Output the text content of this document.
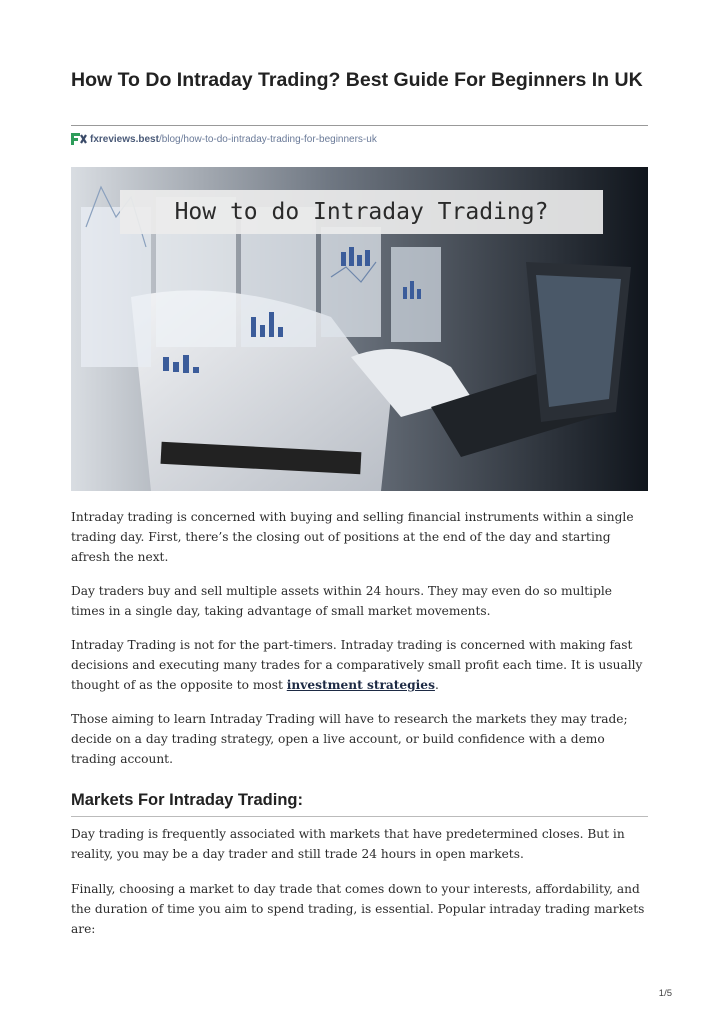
How To Do Intraday Trading? Best Guide For Beginners In UK
fxreviews.best /blog/how-to-do-intraday-trading-for-beginners-uk
How to do Intraday Trading?

Intraday trading is concerned with buying and selling financial instruments within a single trading day. First, there’s the closing out of positions at the end of the day and starting afresh the next.

Day traders buy and sell multiple assets within 24 hours. They may even do so multiple times in a single day, taking advantage of small market movements.

Intraday Trading is not for the part-timers. Intraday trading is concerned with making fast decisions and executing many trades for a comparatively small profit each time. It is usually thought of as the opposite to most investment strategies.

Those aiming to learn Intraday Trading will have to research the markets they may trade; decide on a day trading strategy, open a live account, or build confidence with a demo trading account.

Markets For Intraday Trading:

Day trading is frequently associated with markets that have predetermined closes. But in reality, you may be a day trader and still trade 24 hours in open markets.

Finally, choosing a market to day trade that comes down to your interests, affordability, and the duration of time you aim to spend trading, is essential. Popular intraday trading markets are:

1/5
